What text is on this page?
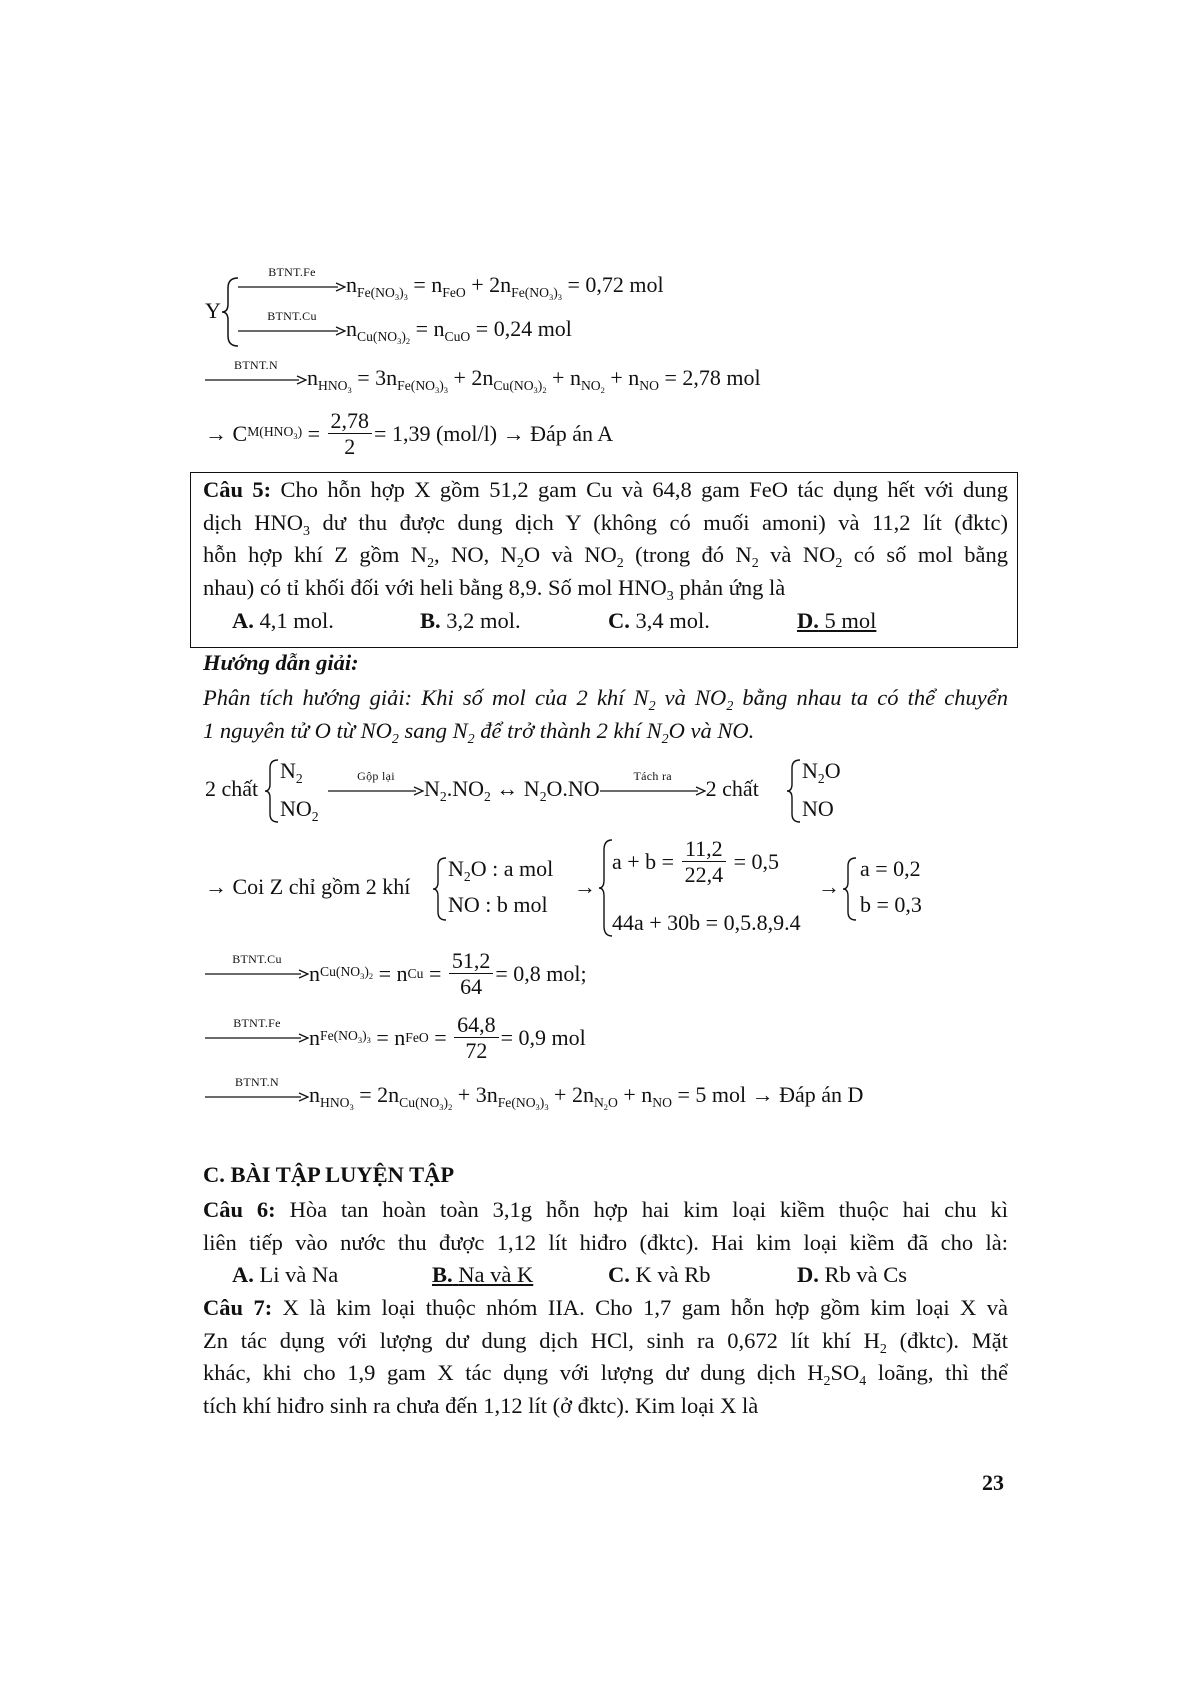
Y
BTNT.Fe
$n_{Fe(NO_3)_3} = n_{FeO} + 2n_{Fe(NO_3)_3} = 0,72$ mol
BTNT.Cu
$n_{Cu(NO_3)_2} = n_{CuO} = 0,24$ mol
BTNT.N
$n_{HNO_3} = 3n_{Fe(NO_3)_3} + 2n_{Cu(NO_3)_2} + n_{NO_2} + n_{NO} = 2,78$ mol
→ C $M(HNO_3) = \frac{2,78}{2} = 1,39$ (mol/l) → Đáp án A
Câu 5: Cho hỗn hợp X gồm 51,2 gam Cu và 64,8 gam FeO tác dụng hết với dung
dịch $HNO_3$ dư thu được dung dịch Y (không có muối amoni) và 11,2 lít (đktc)
hỗn hợp khí Z gồm $N_2$, NO, $N_2O$ và $NO_2$ (trong đó $N_2$ và $NO_2$ có số mol bằng
nhau) có tỉ khối đối với heli bằng 8,9. Số mol $HNO_3$ phản ứng là
A. 4,1 mol.	B. 3,2 mol.	C. 3,4 mol.	D. 5 mol
Hướng dẫn giải:
Phân tích hướng giải: Khi số mol của 2 khí $N_2$ và $NO_2$ bằng nhau ta có thể chuyển
1 nguyên tử O từ $NO_2$ sang $N_2$ để trở thành 2 khí $N_2O$ và NO.
2 chất
$N_2$
$NO_2$
Gộp lại
$N_2.NO_2$ ↔ $N_2O.NO$
Tách ra
2 chất
$N_2O$
NO
→ Coi Z chỉ gồm 2 khí
$N_2O$ : a mol
NO : b mol
→
$a + b = \frac{11,2}{22,4}$
= 0,5
44a + 30b = 0,5.8,9.4
→
a = 0,2
b = 0,3
BTNT.Cu
n $Cu(NO_3)_2 = n$ $Cu = \frac{51,2}{64} = 0,8$ mol;
BTNT.Fe
n $Fe(NO_3)_3 = n$ FeO = $\frac{64,8}{72} = 0,9$ mol
BTNT.N
$n_{HNO_3} = 2n_{Cu(NO_3)_2} + 3n_{Fe(NO_3)_3} + 2n_{N_2O} + n_{NO} = 5$ mol → Đáp án D
C. BÀI TẬP LUYỆN TẬP
Câu 6: Hòa tan hoàn toàn 3,1g hỗn hợp hai kim loại kiềm thuộc hai chu kì
liên tiếp vào nước thu được 1,12 lít hiđro (đktc). Hai kim loại kiềm đã cho là:
A. Li và Na	B. Na và K	C. K và Rb	D. Rb và Cs
Câu 7: X là kim loại thuộc nhóm IIA. Cho 1,7 gam hỗn hợp gồm kim loại X và
Zn tác dụng với lượng dư dung dịch HCl, sinh ra 0,672 lít khí $H_2$ (đktc). Mặt
khác, khi cho 1,9 gam X tác dụng với lượng dư dung dịch $H_2SO_4$ loãng, thì thể
tích khí hiđro sinh ra chưa đến 1,12 lít (ở đktc). Kim loại X là
23
